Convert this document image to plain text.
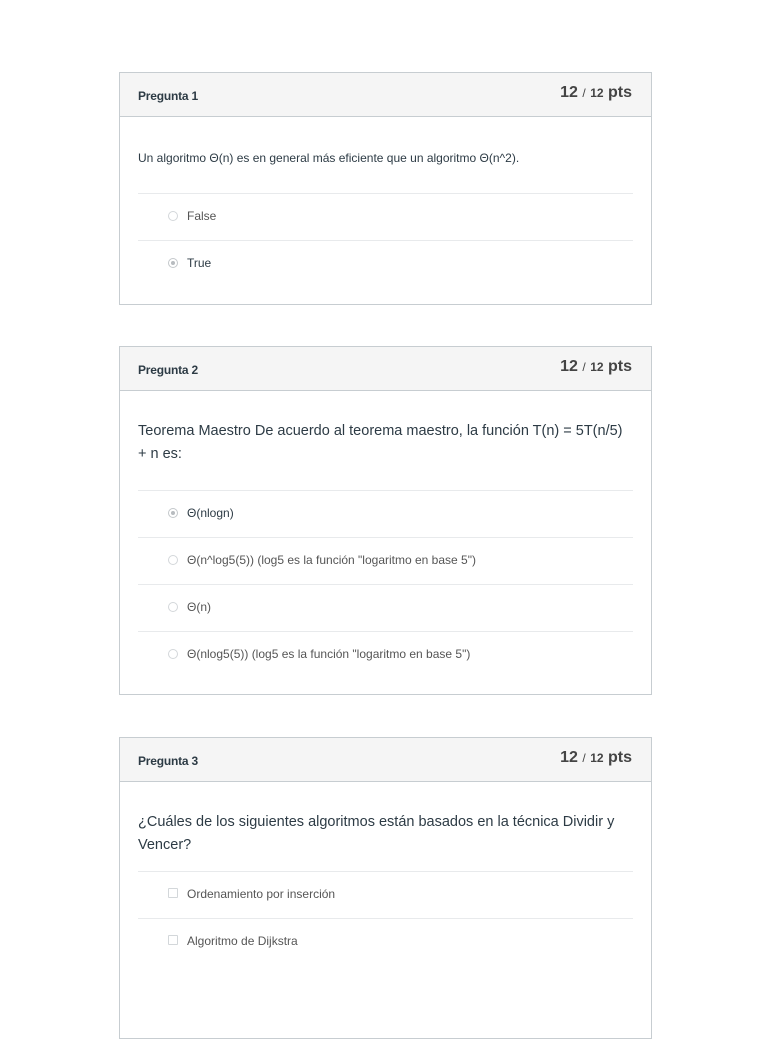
Pregunta 1	12 / 12 pts
Un algoritmo Θ(n) es en general más eficiente que un algoritmo Θ(n^2).
False
True
Pregunta 2	12 / 12 pts
Teorema Maestro De acuerdo al teorema maestro, la función T(n) = 5T(n/5) + n es:
Θ(nlogn)
Θ(n^log5(5)) (log5 es la función "logaritmo en base 5")
Θ(n)
Θ(nlog5(5)) (log5 es la función "logaritmo en base 5")
Pregunta 3	12 / 12 pts
¿Cuáles de los siguientes algoritmos están basados en la técnica Dividir y Vencer?
Ordenamiento por inserción
Algoritmo de Dijkstra
